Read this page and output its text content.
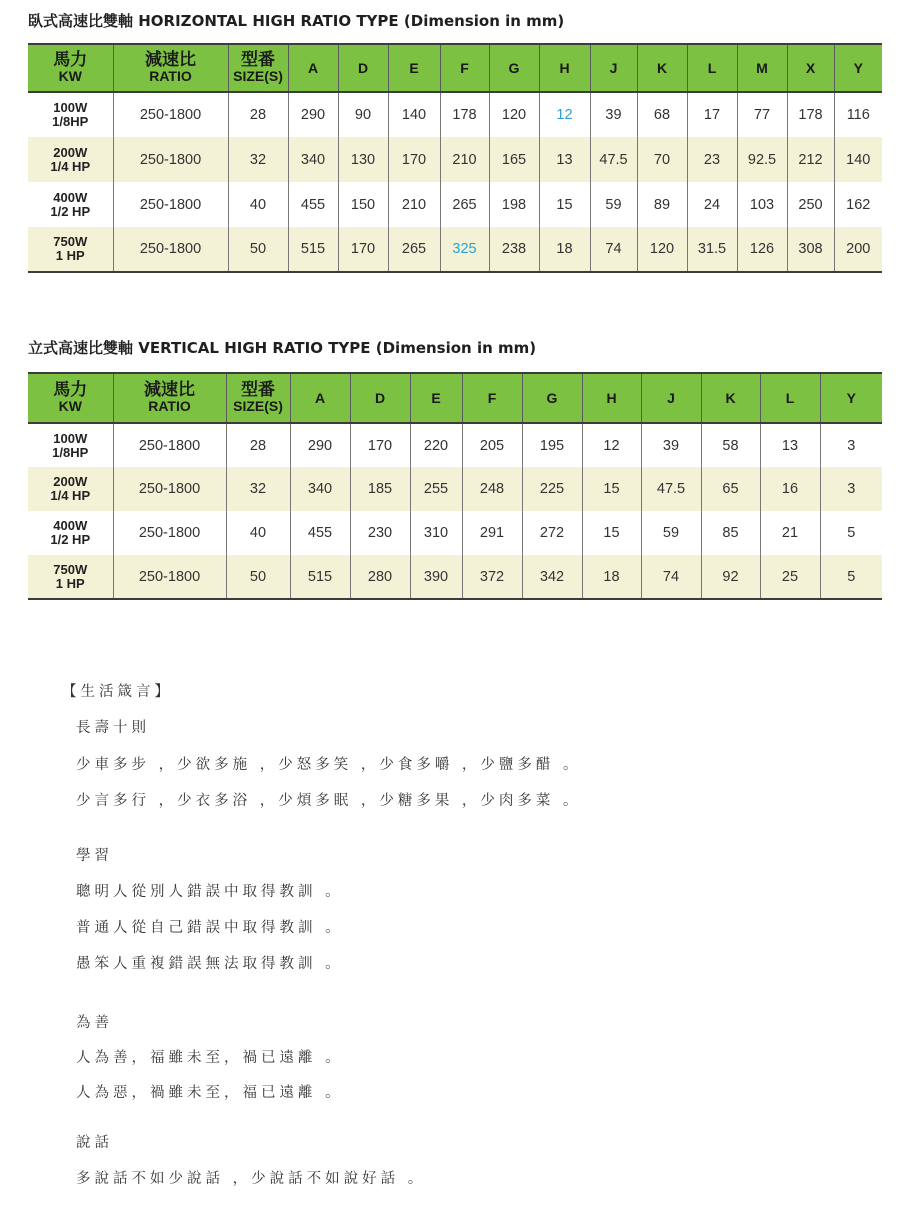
臥式高速比雙軸 HORIZONTAL HIGH RATIO TYPE (Dimension in mm)
馬力
KW	減速比
RATIO	型番
SIZE(S)	A	D	E	F	G	H	J	K	L	M	X	Y

100W
1/8HP	250-1800	28	290	90	140	178	120	12	39	68	17	77	178	116

200W
1/4 HP	250-1800	32	340	130	170	210	165	13	47.5	70	23	92.5	212	140

400W
1/2 HP	250-1800	40	455	150	210	265	198	15	59	89	24	103	250	162

750W
1 HP	250-1800	50	515	170	265	325	238	18	74	120	31.5	126	308	200
立式高速比雙軸 VERTICAL HIGH RATIO TYPE (Dimension in mm)
馬力
KW	減速比
RATIO	型番
SIZE(S)	A	D	E	F	G	H	J	K	L	Y

100W
1/8HP	250-1800	28	290	170	220	205	195	12	39	58	13	3

200W
1/4 HP	250-1800	32	340	185	255	248	225	15	47.5	65	16	3

400W
1/2 HP	250-1800	40	455	230	310	291	272	15	59	85	21	5

750W
1 HP	250-1800	50	515	280	390	372	342	18	74	92	25	5
【生活箴言】
長壽十則
少車多步 ，少欲多施 ，少怒多笑 ，少食多嚼 ，少鹽多醋 。
少言多行 ，少衣多浴 ，少煩多眠 ，少糖多果 ，少肉多菜 。
學習
聰明人從別人錯誤中取得教訓 。
普通人從自己錯誤中取得教訓 。
愚笨人重複錯誤無法取得教訓 。
為善
人為善，福雖未至，禍已遠離 。
人為惡，禍雖未至，福已遠離 。
說話
多說話不如少說話 ，少說話不如說好話 。
